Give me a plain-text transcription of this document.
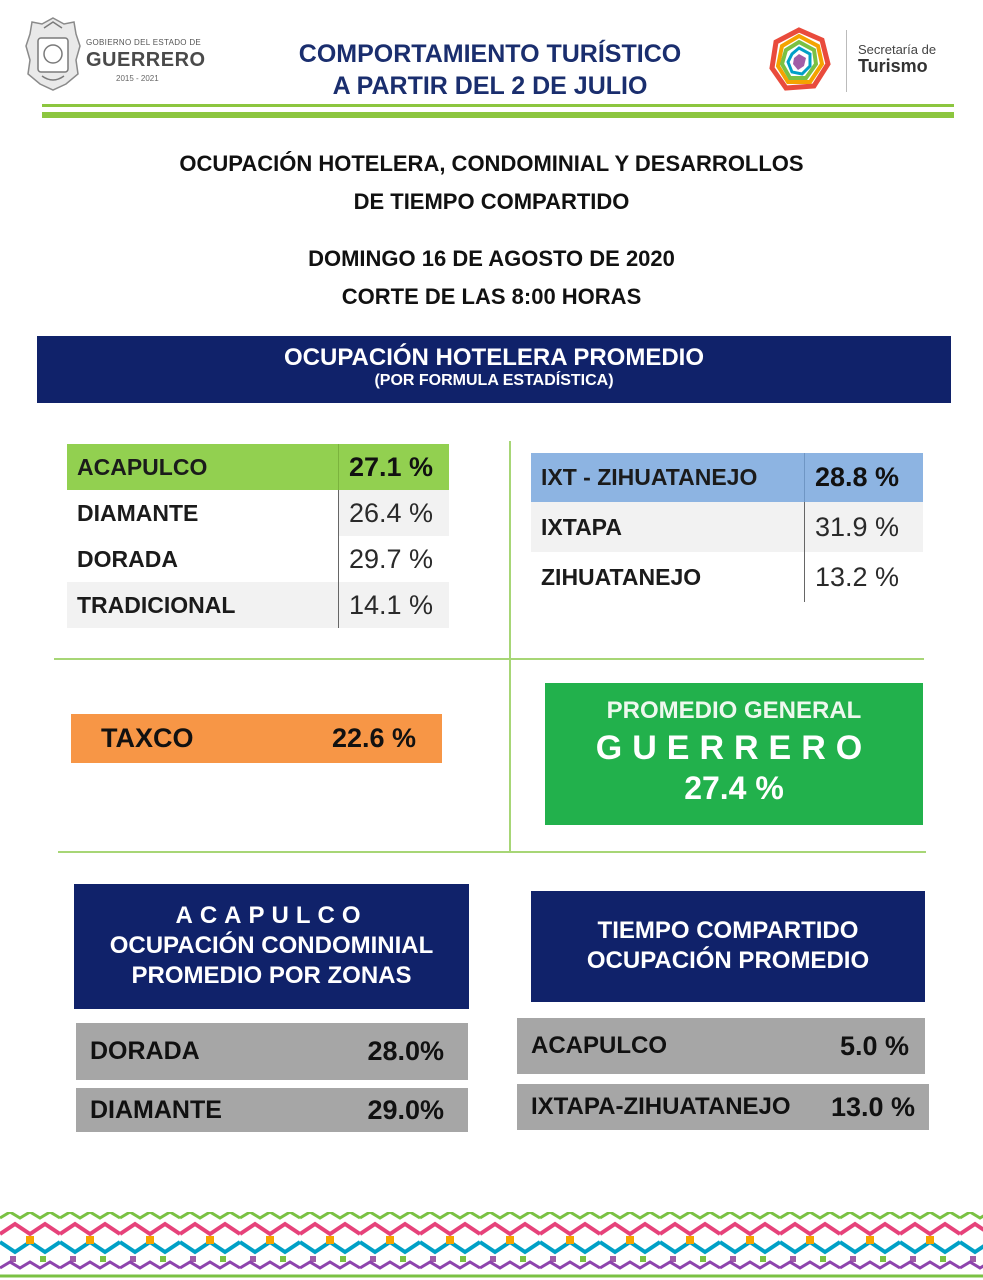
GOBIERNO DEL ESTADO DE
GUERRERO
2015 - 2021
COMPORTAMIENTO TURÍSTICO
A PARTIR DEL 2 DE JULIO
Secretaría de
Turismo
OCUPACIÓN HOTELERA, CONDOMINIAL Y DESARROLLOS
DE TIEMPO COMPARTIDO
DOMINGO 16 DE AGOSTO DE 2020
CORTE DE LAS 8:00 HORAS
OCUPACIÓN HOTELERA PROMEDIO
(POR FORMULA ESTADÍSTICA)
ACAPULCO	27.1 %
DIAMANTE	26.4 %
DORADA	29.7 %
TRADICIONAL	14.1 %
IXT - ZIHUATANEJO	28.8 %
IXTAPA	31.9 %
ZIHUATANEJO	13.2 %
TAXCO	22.6 %
PROMEDIO GENERAL
GUERRERO
27.4 %
ACAPULCO
OCUPACIÓN CONDOMINIAL
PROMEDIO POR ZONAS
DORADA	28.0%
DIAMANTE	29.0%
TIEMPO COMPARTIDO
OCUPACIÓN PROMEDIO
ACAPULCO	5.0 %
IXTAPA-ZIHUATANEJO	13.0 %
